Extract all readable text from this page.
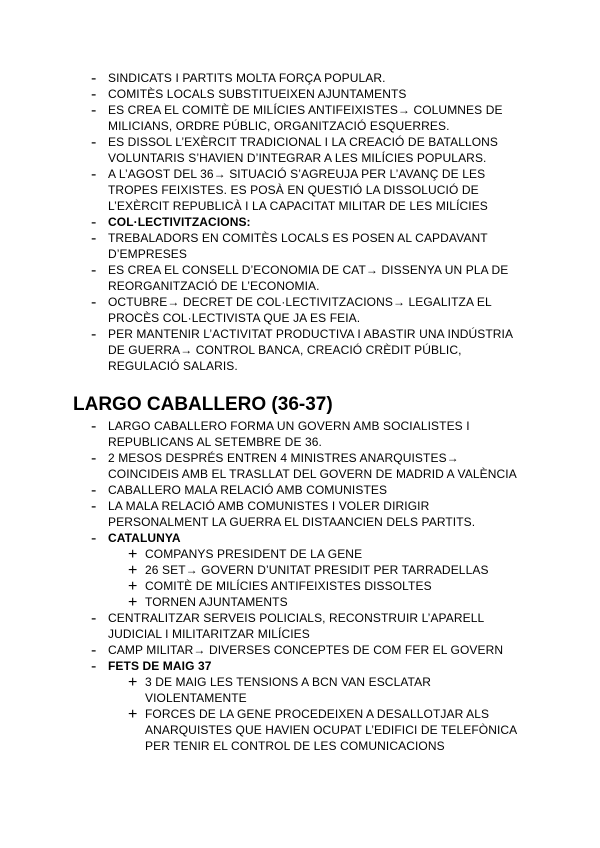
- SINDICATS I PARTITS MOLTA FORÇA POPULAR.
- COMITÈS LOCALS SUBSTITUEIXEN AJUNTAMENTS
- ES CREA EL COMITÈ DE MILÍCIES ANTIFEIXISTES→ COLUMNES DE
MILICIANS, ORDRE PÚBLIC, ORGANITZACIÓ ESQUERRES.
- ES DISSOL L’EXÈRCIT TRADICIONAL I LA CREACIÓ DE BATALLONS
VOLUNTARIS S’HAVIEN D’INTEGRAR A LES MILÍCIES POPULARS.
- A L’AGOST DEL 36→ SITUACIÓ S’AGREUJA PER L’AVANÇ DE LES
TROPES FEIXISTES. ES POSÀ EN QUESTIÓ LA DISSOLUCIÓ DE
L’EXÈRCIT REPUBLICÀ I LA CAPACITAT MILITAR DE LES MILÍCIES
- COL·LECTIVITZACIONS:
- TREBALADORS EN COMITÈS LOCALS ES POSEN AL CAPDAVANT
D’EMPRESES
- ES CREA EL CONSELL D’ECONOMIA DE CAT→ DISSENYA UN PLA DE
REORGANITZACIÓ DE L’ECONOMIA.
- OCTUBRE→ DECRET DE COL·LECTIVITZACIONS→ LEGALITZA EL
PROCÈS COL·LECTIVISTA QUE JA ES FEIA.
- PER MANTENIR L’ACTIVITAT PRODUCTIVA I ABASTIR UNA INDÚSTRIA
DE GUERRA→ CONTROL BANCA, CREACIÓ CRÈDIT PÚBLIC,
REGULACIÓ SALARIS.
LARGO CABALLERO (36-37)
- LARGO CABALLERO FORMA UN GOVERN AMB SOCIALISTES I
REPUBLICANS AL SETEMBRE DE 36.
- 2 MESOS DESPRÉS ENTREN 4 MINISTRES ANARQUISTES→
COINCIDEIS AMB EL TRASLLAT DEL GOVERN DE MADRID A VALÈNCIA
- CABALLERO MALA RELACIÓ AMB COMUNISTES
- LA MALA RELACIÓ AMB COMUNISTES I VOLER DIRIGIR
PERSONALMENT LA GUERRA EL DISTAANCIEN DELS PARTITS.
- CATALUNYA
+ COMPANYS PRESIDENT DE LA GENE
+ 26 SET→ GOVERN D’UNITAT PRESIDIT PER TARRADELLAS
+ COMITÈ DE MILÍCIES ANTIFEIXISTES DISSOLTES
+ TORNEN AJUNTAMENTS
- CENTRALITZAR SERVEIS POLICIALS, RECONSTRUIR L’APARELL
JUDICIAL I MILITARITZAR MILÍCIES
- CAMP MILITAR→ DIVERSES CONCEPTES DE COM FER EL GOVERN
- FETS DE MAIG 37
+ 3 DE MAIG LES TENSIONS A BCN VAN ESCLATAR
VIOLENTAMENTE
+ FORCES DE LA GENE PROCEDEIXEN A DESALLOTJAR ALS
ANARQUISTES QUE HAVIEN OCUPAT L’EDIFICI DE TELEFÒNICA
PER TENIR EL CONTROL DE LES COMUNICACIONS
